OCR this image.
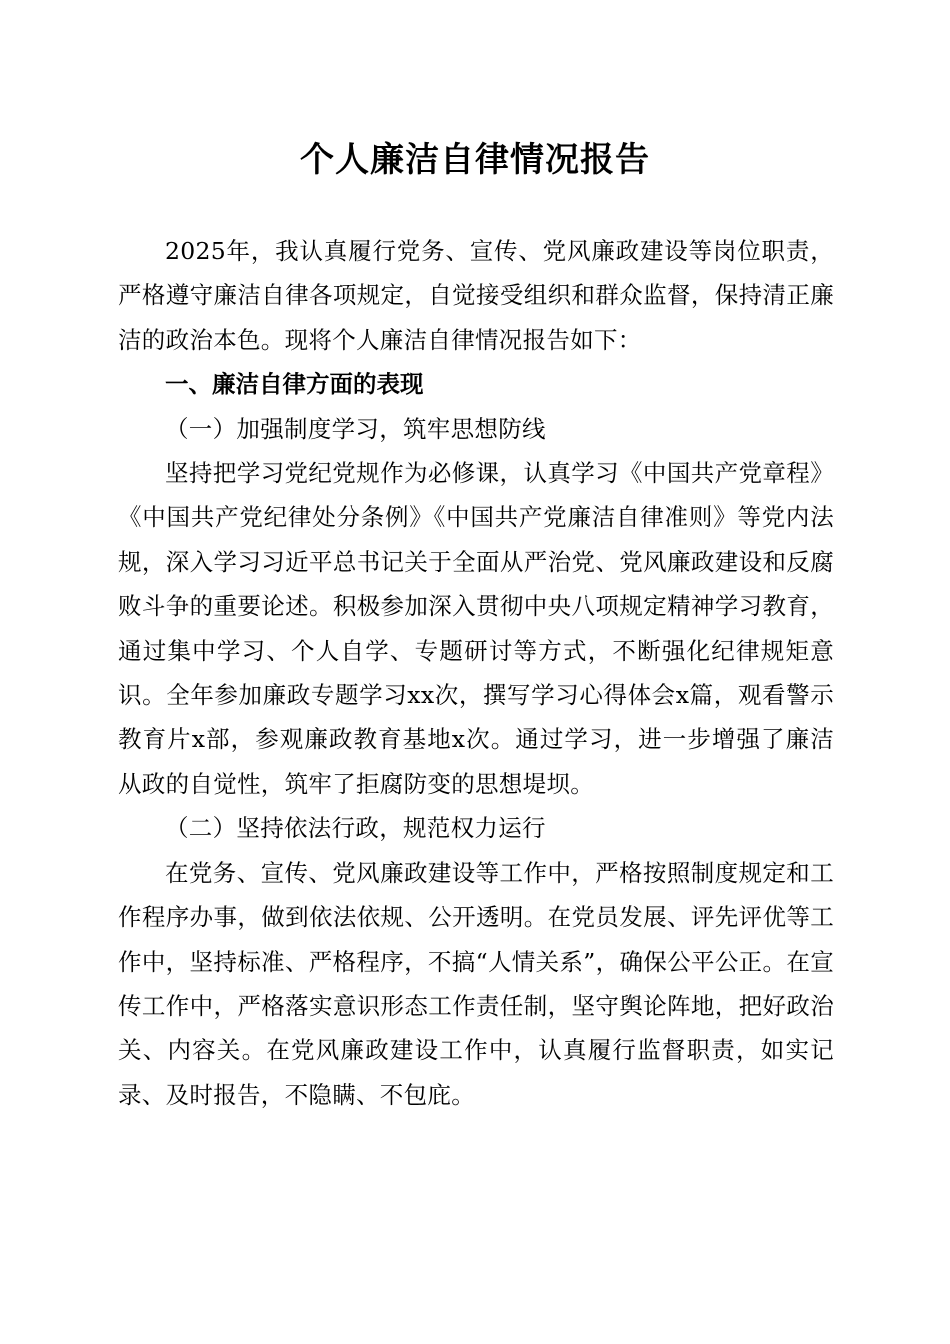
个人廉洁自律情况报告

2025年，我认真履行党务、宣传、党风廉政建设等岗位职责，严格遵守廉洁自律各项规定，自觉接受组织和群众监督，保持清正廉洁的政治本色。现将个人廉洁自律情况报告如下：

一、廉洁自律方面的表现

（一）加强制度学习，筑牢思想防线

坚持把学习党纪党规作为必修课，认真学习《中国共产党章程》《中国共产党纪律处分条例》《中国共产党廉洁自律准则》等党内法规，深入学习习近平总书记关于全面从严治党、党风廉政建设和反腐败斗争的重要论述。积极参加深入贯彻中央八项规定精神学习教育，通过集中学习、个人自学、专题研讨等方式，不断强化纪律规矩意识。全年参加廉政专题学习xx次，撰写学习心得体会x篇，观看警示教育片x部，参观廉政教育基地x次。通过学习，进一步增强了廉洁从政的自觉性，筑牢了拒腐防变的思想堤坝。

（二）坚持依法行政，规范权力运行

在党务、宣传、党风廉政建设等工作中，严格按照制度规定和工作程序办事，做到依法依规、公开透明。在党员发展、评先评优等工作中，坚持标准、严格程序，不搞“人情关系”，确保公平公正。在宣传工作中，严格落实意识形态工作责任制，坚守舆论阵地，把好政治关、内容关。在党风廉政建设工作中，认真履行监督职责，如实记录、及时报告，不隐瞒、不包庇。
